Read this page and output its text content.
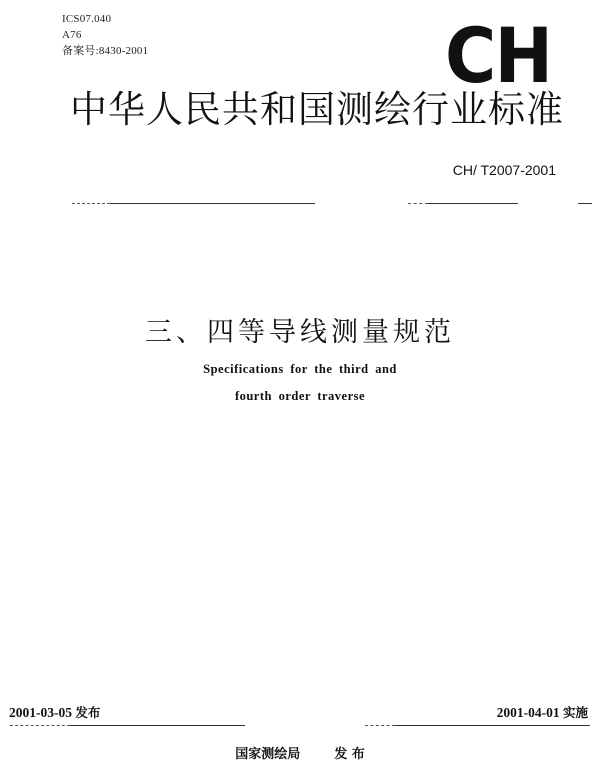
ICS07.040
A76
备案号:8430-2001	CH
中华人民共和国测绘行业标准
CH/ T2007-2001
三、四等导线测量规范
Specifications for the third and
fourth order traverse
2001-03-05 发布	2001-04-01 实施
国家测绘局	发 布
